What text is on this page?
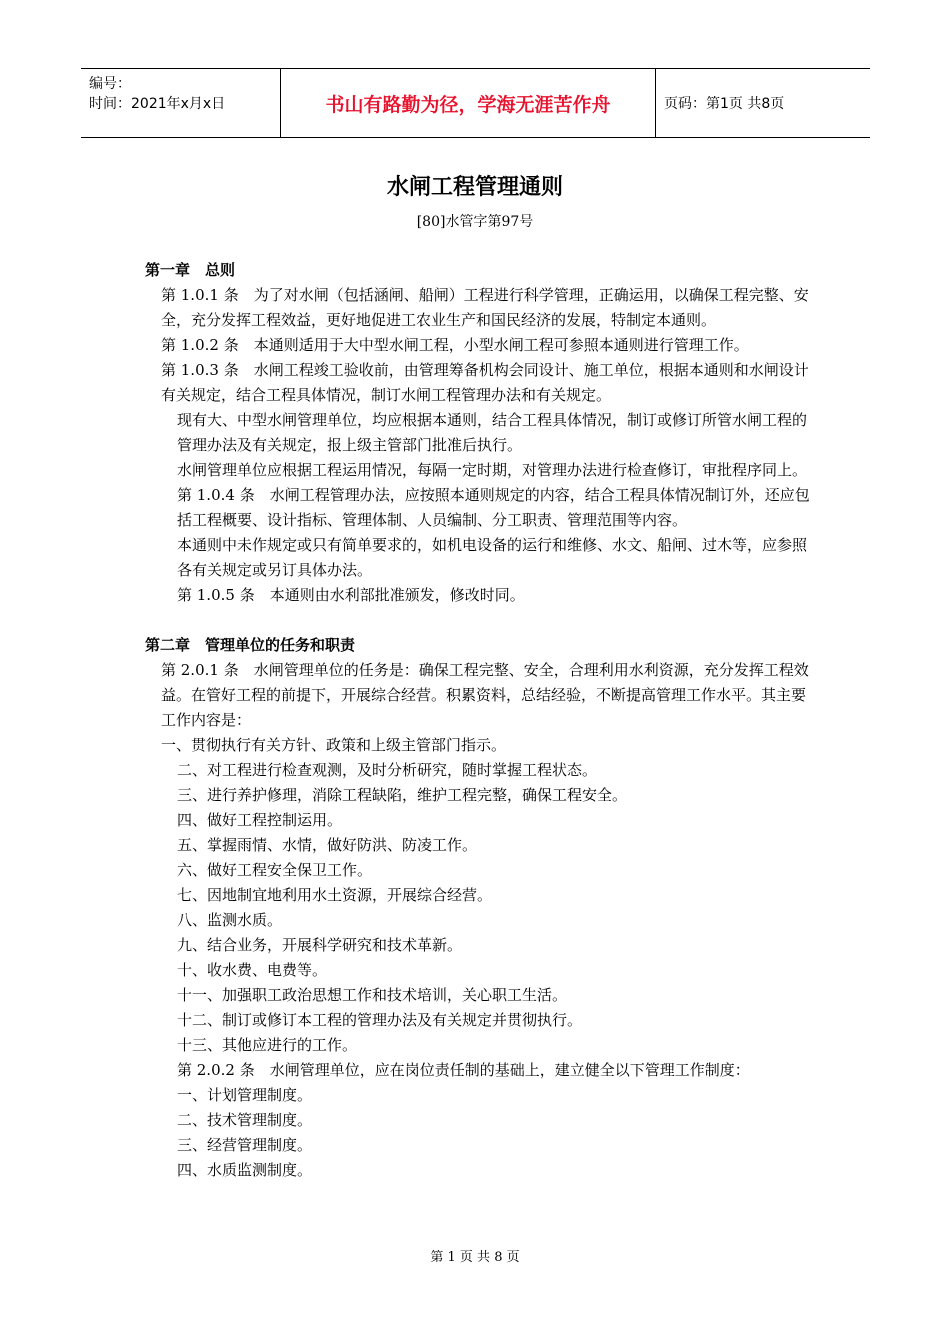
编号：
时间：2021年x月x日	书山有路勤为径，学海无涯苦作舟	页码：第1页 共8页
水闸工程管理通则
[80]水管字第97号

第一章　总则

第 1.0.1 条　为了对水闸（包括涵闸、船闸）工程进行科学管理，正确运用，以确保工程完整、安全，充分发挥工程效益，更好地促进工农业生产和国民经济的发展，特制定本通则。

第 1.0.2 条　本通则适用于大中型水闸工程，小型水闸工程可参照本通则进行管理工作。

第 1.0.3 条　水闸工程竣工验收前，由管理筹备机构会同设计、施工单位，根据本通则和水闸设计有关规定，结合工程具体情况，制订水闸工程管理办法和有关规定。

现有大、中型水闸管理单位，均应根据本通则，结合工程具体情况，制订或修订所管水闸工程的管理办法及有关规定，报上级主管部门批准后执行。

水闸管理单位应根据工程运用情况，每隔一定时期，对管理办法进行检查修订，审批程序同上。

第 1.0.4 条　水闸工程管理办法，应按照本通则规定的内容，结合工程具体情况制订外，还应包括工程概要、设计指标、管理体制、人员编制、分工职责、管理范围等内容。

本通则中未作规定或只有简单要求的，如机电设备的运行和维修、水文、船闸、过木等，应参照各有关规定或另订具体办法。

第 1.0.5 条　本通则由水利部批准颁发，修改时同。

第二章　管理单位的任务和职责

第 2.0.1 条　水闸管理单位的任务是：确保工程完整、安全，合理利用水利资源，充分发挥工程效益。在管好工程的前提下，开展综合经营。积累资料，总结经验，不断提高管理工作水平。其主要工作内容是：

一、贯彻执行有关方针、政策和上级主管部门指示。

二、对工程进行检查观测，及时分析研究，随时掌握工程状态。

三、进行养护修理，消除工程缺陷，维护工程完整，确保工程安全。

四、做好工程控制运用。

五、掌握雨情、水情，做好防洪、防凌工作。

六、做好工程安全保卫工作。

七、因地制宜地利用水土资源，开展综合经营。

八、监测水质。

九、结合业务，开展科学研究和技术革新。

十、收水费、电费等。

十一、加强职工政治思想工作和技术培训，关心职工生活。

十二、制订或修订本工程的管理办法及有关规定并贯彻执行。

十三、其他应进行的工作。

第 2.0.2 条　水闸管理单位，应在岗位责任制的基础上，建立健全以下管理工作制度：

一、计划管理制度。

二、技术管理制度。

三、经营管理制度。

四、水质监测制度。

第 1 页 共 8 页
